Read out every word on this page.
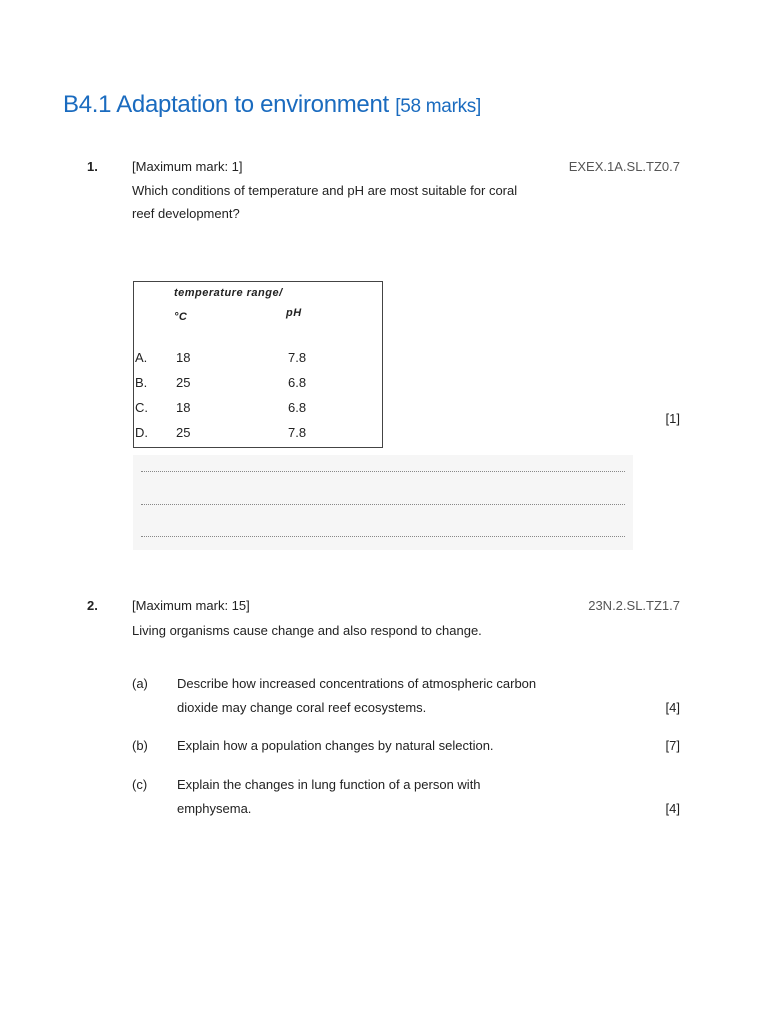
B4.1 Adaptation to environment [58 marks]
1.	[Maximum mark: 1]	EXEX.1A.SL.TZ0.7
Which conditions of temperature and pH are most suitable for coral
reef development?
temperature range/
°C	pH
A. 18	7.8
B. 25	6.8
C. 18	6.8
D. 25	7.8
[1]
2.	[Maximum mark: 15]	23N.2.SL.TZ1.7
Living organisms cause change and also respond to change.
(a) Describe how increased concentrations of atmospheric carbon
dioxide may change coral reef ecosystems.	[4]
(b) Explain how a population changes by natural selection.	[7]
(c) Explain the changes in lung function of a person with
emphysema.	[4]
